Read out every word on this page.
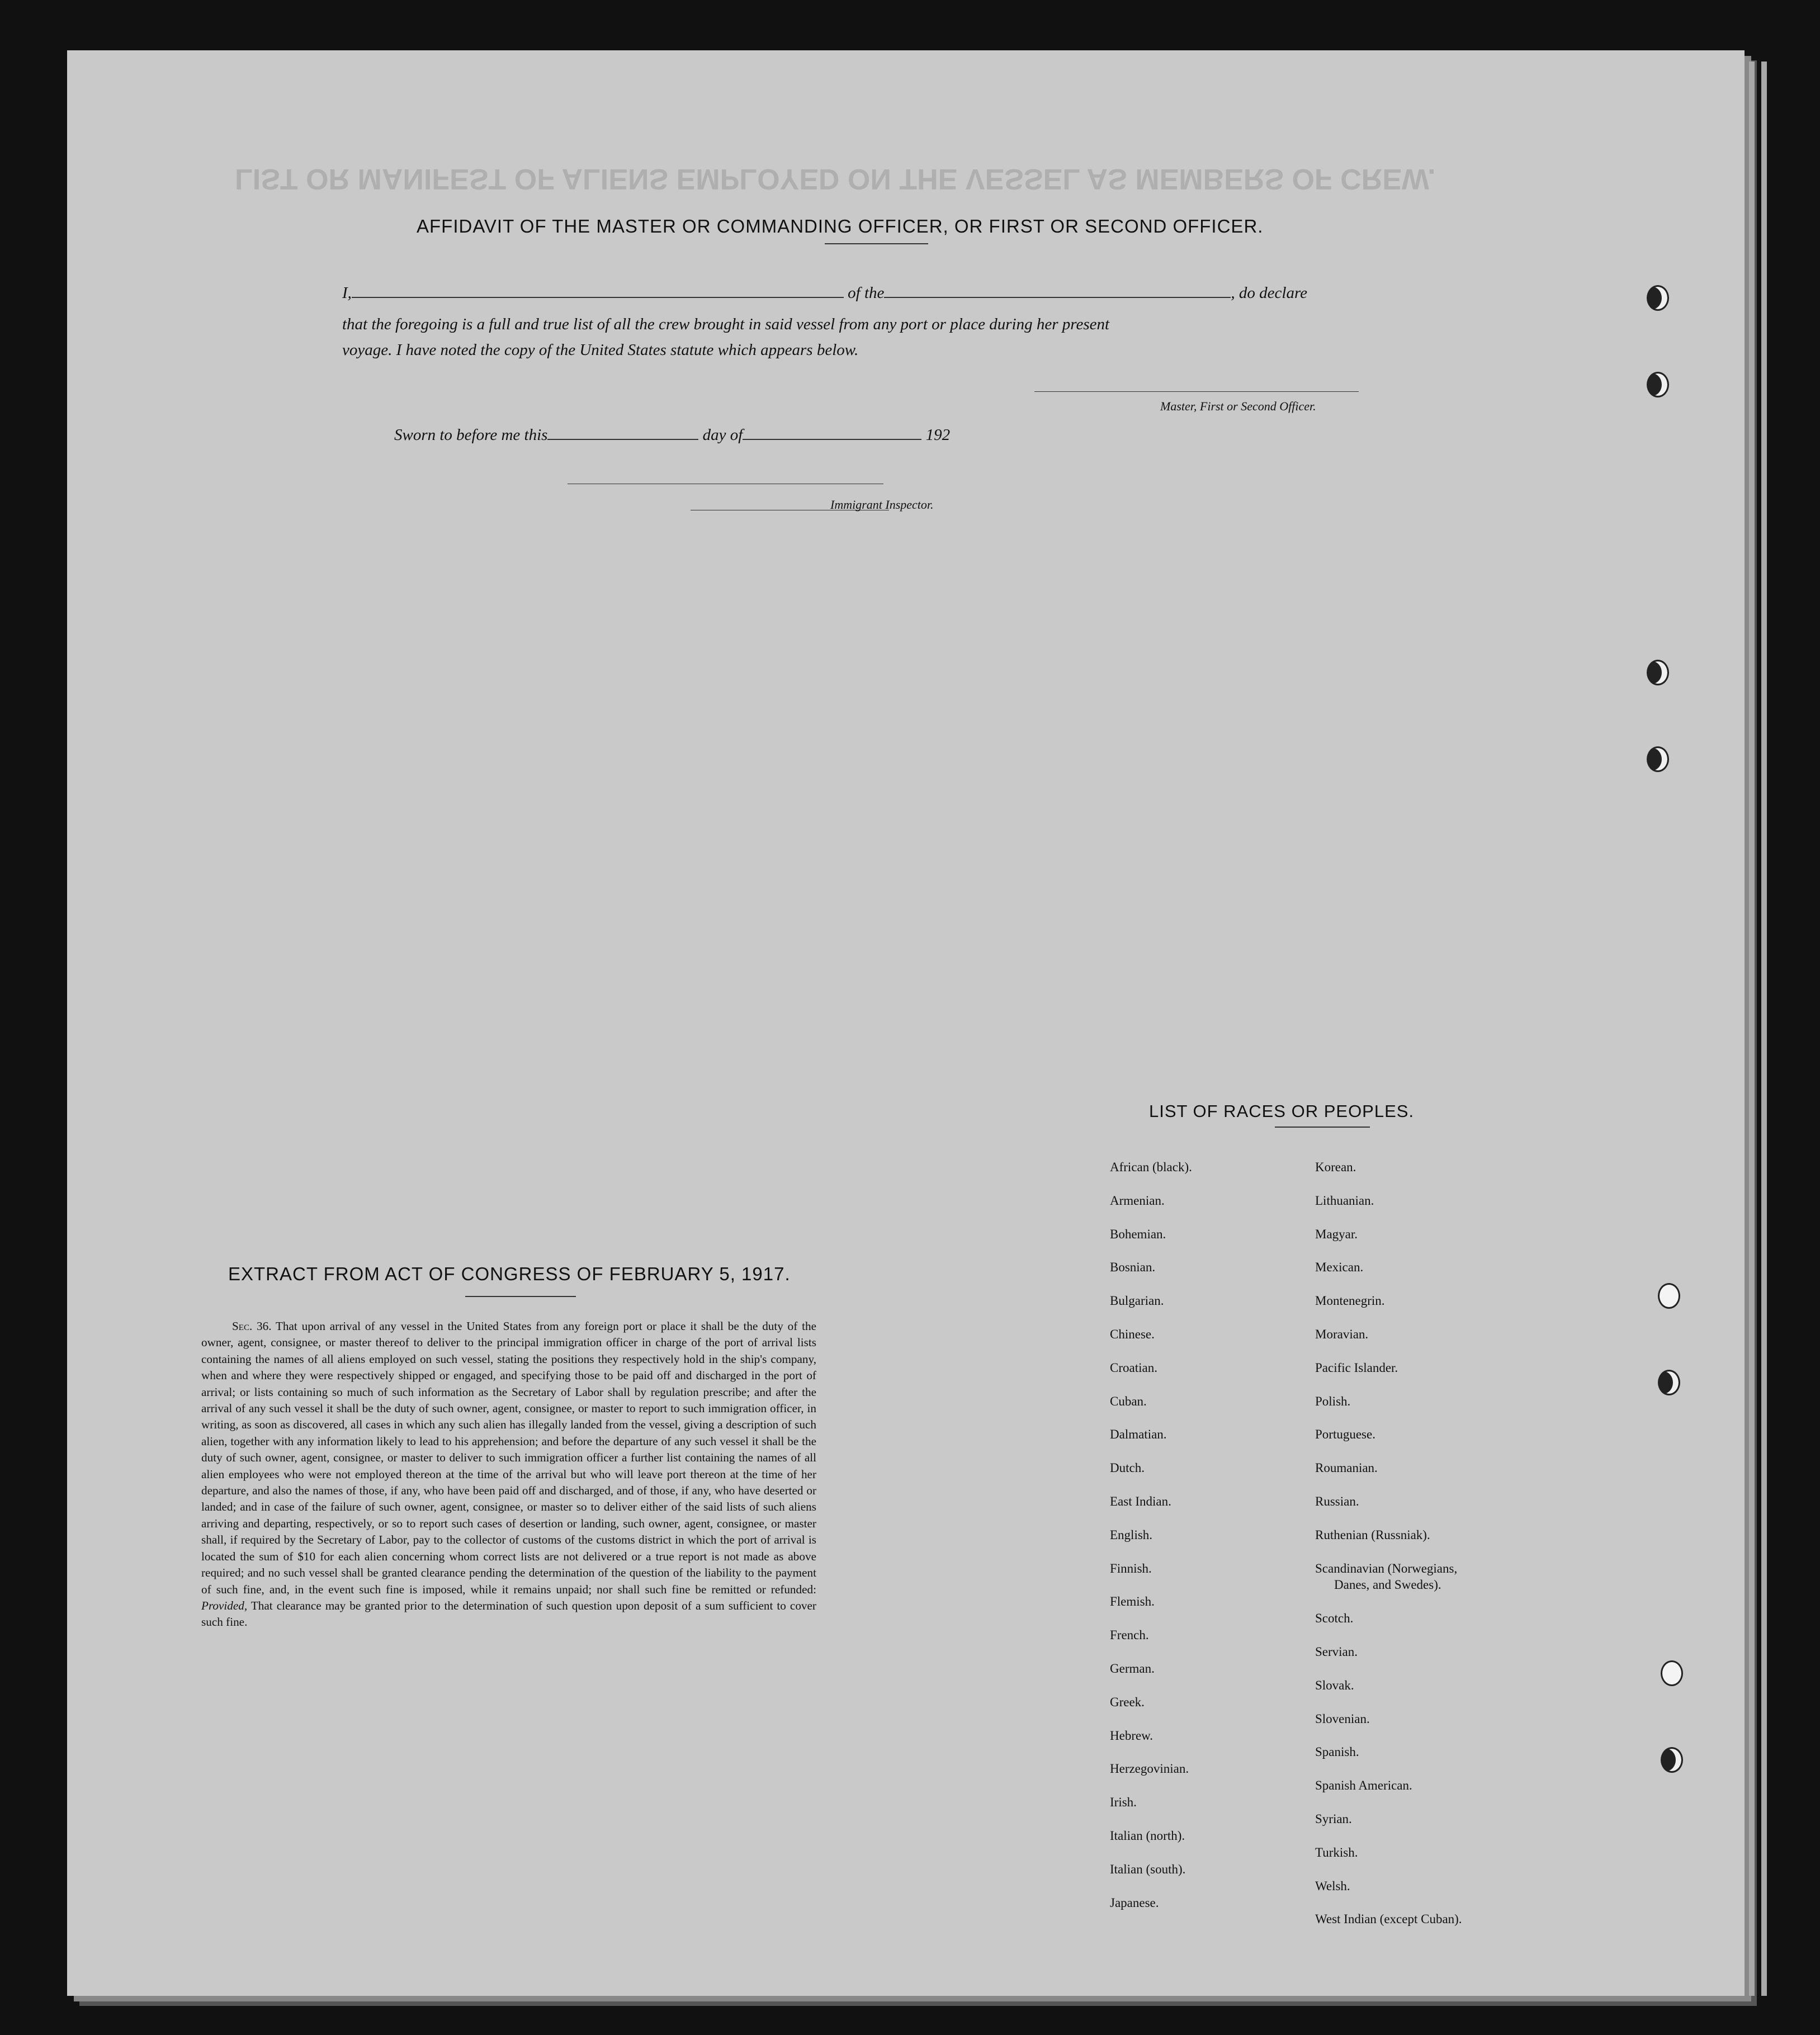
LIST OR MANIFEST OF ALIENS EMPLOYED ON THE VESSEL AS MEMBERS OF CREW.
AFFIDAVIT OF THE MASTER OR COMMANDING OFFICER, OR FIRST OR SECOND OFFICER.
I,	of the	, do declare
that the foregoing is a full and true list of all the crew brought in said vessel from any port or place during her present
voyage. I have noted the copy of the United States statute which appears below.
Master, First or Second Officer.
Sworn to before me this	day of	192
Immigrant Inspector.
EXTRACT FROM ACT OF CONGRESS OF FEBRUARY 5, 1917.
Sec. 36. That upon arrival of any vessel in the United States from any foreign port or place it shall be the duty of the owner, agent, consignee, or master thereof to deliver to the principal immigration officer in charge of the port of arrival lists containing the names of all aliens employed on such vessel, stating the positions they respectively hold in the ship's company, when and where they were respectively shipped or engaged, and specifying those to be paid off and discharged in the port of arrival; or lists containing so much of such information as the Secretary of Labor shall by regulation prescribe; and after the arrival of any such vessel it shall be the duty of such owner, agent, consignee, or master to report to such immigration officer, in writing, as soon as discovered, all cases in which any such alien has illegally landed from the vessel, giving a description of such alien, together with any information likely to lead to his apprehension; and before the departure of any such vessel it shall be the duty of such owner, agent, consignee, or master to deliver to such immigration officer a further list containing the names of all alien employees who were not employed thereon at the time of the arrival but who will leave port thereon at the time of her departure, and also the names of those, if any, who have been paid off and discharged, and of those, if any, who have deserted or landed; and in case of the failure of such owner, agent, consignee, or master so to deliver either of the said lists of such aliens arriving and departing, respectively, or so to report such cases of desertion or landing, such owner, agent, consignee, or master shall, if required by the Secretary of Labor, pay to the collector of customs of the customs district in which the port of arrival is located the sum of $10 for each alien concerning whom correct lists are not delivered or a true report is not made as above required; and no such vessel shall be granted clearance pending the determination of the question of the liability to the payment of such fine, and, in the event such fine is imposed, while it remains unpaid; nor shall such fine be remitted or refunded: Provided, That clearance may be granted prior to the determination of such question upon deposit of a sum sufficient to cover such fine.
LIST OF RACES OR PEOPLES.
African (black).
Armenian.
Bohemian.
Bosnian.
Bulgarian.
Chinese.
Croatian.
Cuban.
Dalmatian.
Dutch.
East Indian.
English.
Finnish.
Flemish.
French.
German.
Greek.
Hebrew.
Herzegovinian.
Irish.
Italian (north).
Italian (south).
Japanese.
Korean.
Lithuanian.
Magyar.
Mexican.
Montenegrin.
Moravian.
Pacific Islander.
Polish.
Portuguese.
Roumanian.
Russian.
Ruthenian (Russniak).
Scandinavian (Norwegians,
Danes, and Swedes).
Scotch.
Servian.
Slovak.
Slovenian.
Spanish.
Spanish American.
Syrian.
Turkish.
Welsh.
West Indian (except Cuban).
